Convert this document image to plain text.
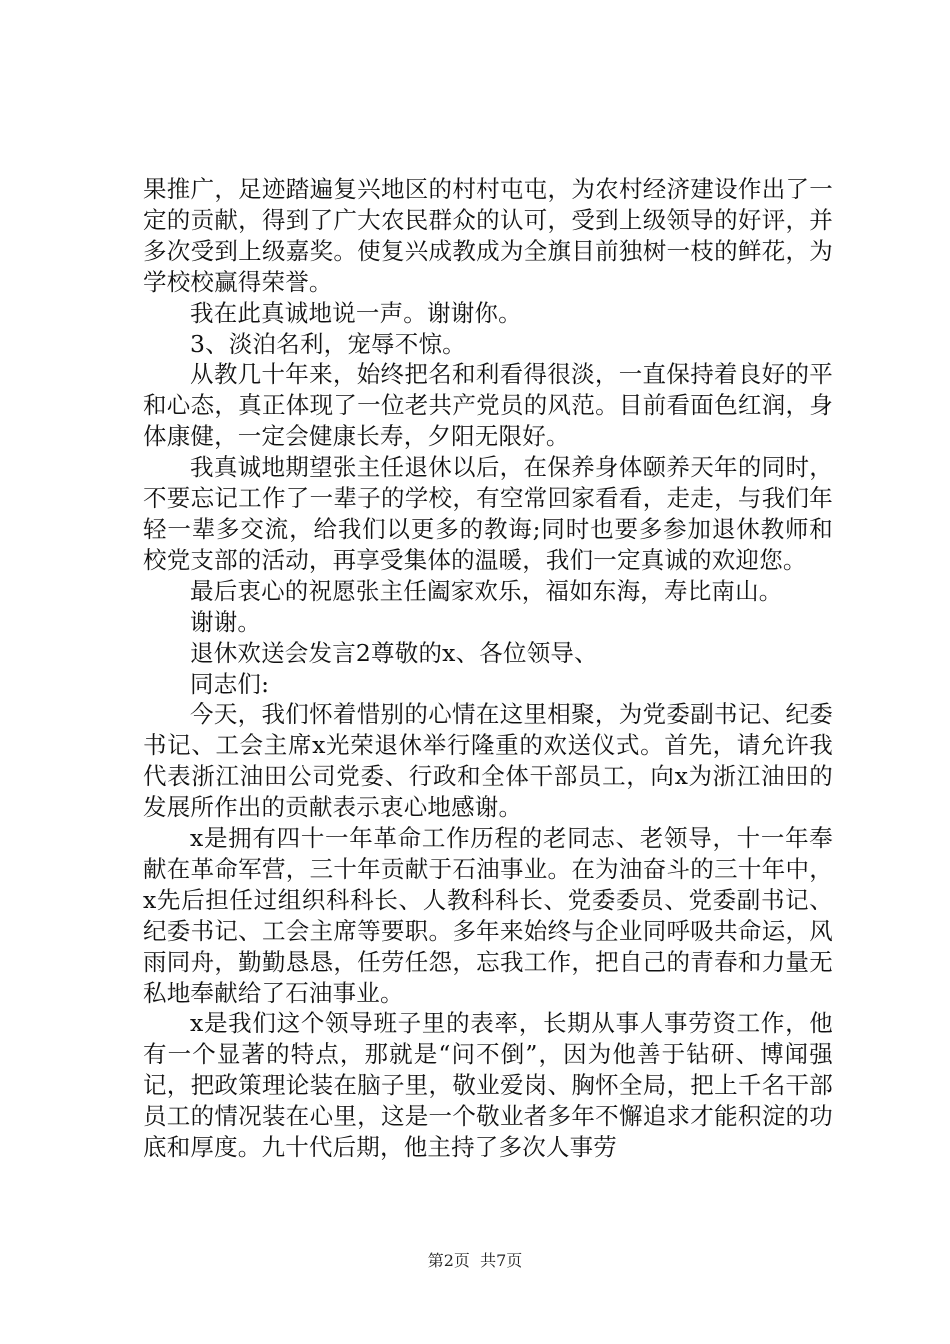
果推广，足迹踏遍复兴地区的村村屯屯，为农村经济建设作出了一定的贡献，得到了广大农民群众的认可，受到上级领导的好评，并多次受到上级嘉奖。使复兴成教成为全旗目前独树一枝的鲜花，为学校校赢得荣誉。

我在此真诚地说一声。谢谢你。

3、淡泊名利，宠辱不惊。

从教几十年来，始终把名和利看得很淡，一直保持着良好的平和心态，真正体现了一位老共产党员的风范。目前看面色红润，身体康健，一定会健康长寿，夕阳无限好。

我真诚地期望张主任退休以后，在保养身体颐养天年的同时，不要忘记工作了一辈子的学校，有空常回家看看，走走，与我们年轻一辈多交流，给我们以更多的教诲;同时也要多参加退休教师和校党支部的活动，再享受集体的温暖，我们一定真诚的欢迎您。

最后衷心的祝愿张主任阖家欢乐，福如东海，寿比南山。

谢谢。

退休欢送会发言2尊敬的x、各位领导、

同志们:

今天，我们怀着惜别的心情在这里相聚，为党委副书记、纪委书记、工会主席x光荣退休举行隆重的欢送仪式。首先，请允许我代表浙江油田公司党委、行政和全体干部员工，向x为浙江油田的发展所作出的贡献表示衷心地感谢。

x是拥有四十一年革命工作历程的老同志、老领导，十一年奉献在革命军营，三十年贡献于石油事业。在为油奋斗的三十年中，x先后担任过组织科科长、人教科科长、党委委员、党委副书记、纪委书记、工会主席等要职。多年来始终与企业同呼吸共命运，风雨同舟，勤勤恳恳，任劳任怨，忘我工作，把自己的青春和力量无私地奉献给了石油事业。

x是我们这个领导班子里的表率，长期从事人事劳资工作，他有一个显著的特点，那就是“问不倒”，因为他善于钻研、博闻强记，把政策理论装在脑子里，敬业爱岗、胸怀全局，把上千名干部员工的情况装在心里，这是一个敬业者多年不懈追求才能积淀的功底和厚度。九十代后期，他主持了多次人事劳

第2页  共7页
